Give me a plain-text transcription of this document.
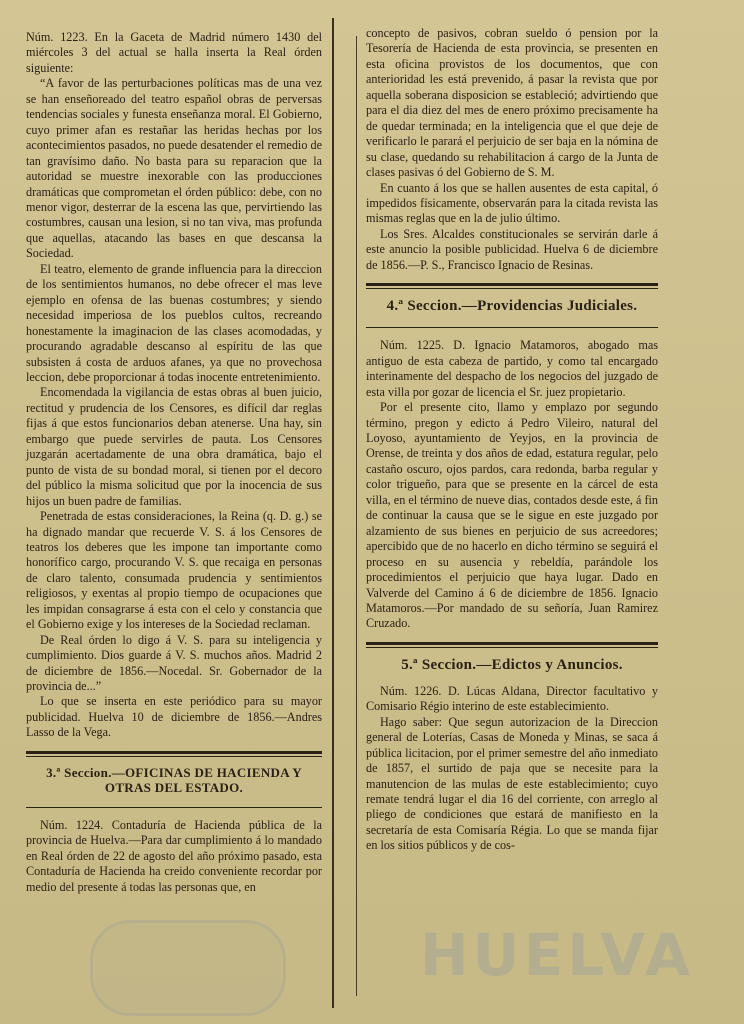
HUELVA

Núm. 1223. En la Gaceta de Madrid número 1430 del miércoles 3 del actual se halla inserta la Real órden siguiente:

“A favor de las perturbaciones políticas mas de una vez se han enseñoreado del teatro español obras de perversas tendencias sociales y funesta enseñanza moral. El Gobierno, cuyo primer afan es restañar las heridas hechas por los acontecimientos pasados, no puede desatender el remedio de tan gravísimo daño. No basta para su reparacion que la autoridad se muestre inexorable con las producciones dramáticas que comprometan el órden público: debe, con no menor vigor, desterrar de la escena las que, pervirtiendo las costumbres, causan una lesion, si no tan viva, mas profunda que aquellas, atacando las bases en que descansa la Sociedad.

El teatro, elemento de grande influencia para la direccion de los sentimientos humanos, no debe ofrecer el mas leve ejemplo en ofensa de las buenas costumbres; y siendo necesidad imperiosa de los pueblos cultos, recreando honestamente la imaginacion de las clases acomodadas, y procurando agradable descanso al espíritu de las que subsisten á costa de arduos afanes, ya que no provechosa leccion, debe proporcionar á todas inocente entretenimiento.

Encomendada la vigilancia de estas obras al buen juicio, rectitud y prudencia de los Censores, es difícil dar reglas fijas á que estos funcionarios deban atenerse. Una hay, sin embargo que puede servirles de pauta. Los Censores juzgarán acertadamente de una obra dramática, bajo el punto de vista de su bondad moral, si tienen por el decoro del público la misma solicitud que por la inocencia de sus hijos un buen padre de familias.

Penetrada de estas consideraciones, la Reina (q. D. g.) se ha dignado mandar que recuerde V. S. á los Censores de teatros los deberes que les impone tan importante como honorífico cargo, procurando V. S. que recaiga en personas de claro talento, consumada prudencia y sentimientos religiosos, y exentas al propio tiempo de ocupaciones que les impidan consagrarse á esta con el celo y constancia que el Gobierno exige y los intereses de la Sociedad reclaman.

De Real órden lo digo á V. S. para su inteligencia y cumplimiento. Dios guarde á V. S. muchos años. Madrid 2 de diciembre de 1856.—Nocedal. Sr. Gobernador de la provincia de...”

Lo que se inserta en este periódico para su mayor publicidad. Huelva 10 de diciembre de 1856.—Andres Lasso de la Vega.

3.ª Seccion.—OFICINAS DE HACIENDA Y OTRAS DEL ESTADO.

Núm. 1224. Contaduría de Hacienda pública de la provincia de Huelva.—Para dar cumplimiento á lo mandado en Real órden de 22 de agosto del año próximo pasado, esta Contaduría de Hacienda ha creido conveniente recordar por medio del presente á todas las personas que, en

concepto de pasivos, cobran sueldo ó pension por la Tesorería de Hacienda de esta provincia, se presenten en esta oficina provistos de los documentos, que con anterioridad les está prevenido, á pasar la revista que por aquella soberana disposicion se estableció; advirtiendo que para el dia diez del mes de enero próximo precisamente ha de quedar terminada; en la inteligencia que el que deje de verificarlo le parará el perjuicio de ser baja en la nómina de su clase, quedando su rehabilitacion á cargo de la Junta de clases pasivas ó del Gobierno de S. M.

En cuanto á los que se hallen ausentes de esta capital, ó impedidos físicamente, observarán para la citada revista las mismas reglas que en la de julio último.

Los Sres. Alcaldes constitucionales se servirán darle á este anuncio la posible publicidad. Huelva 6 de diciembre de 1856.—P. S., Francisco Ignacio de Resinas.

4.ª Seccion.—Providencias Judiciales.

Núm. 1225. D. Ignacio Matamoros, abogado mas antiguo de esta cabeza de partido, y como tal encargado interinamente del despacho de los negocios del juzgado de esta villa por gozar de licencia el Sr. juez propietario.

Por el presente cito, llamo y emplazo por segundo término, pregon y edicto á Pedro Vileiro, natural del Loyoso, ayuntamiento de Yeyjos, en la provincia de Orense, de treinta y dos años de edad, estatura regular, pelo castaño oscuro, ojos pardos, cara redonda, barba regular y color trigueño, para que se presente en la cárcel de esta villa, en el término de nueve dias, contados desde este, á fin de continuar la causa que se le sigue en este juzgado por alzamiento de sus bienes en perjuicio de sus acreedores; apercibido que de no hacerlo en dicho término se seguirá el proceso en su ausencia y rebeldía, parándole los procedimientos el perjuicio que haya lugar. Dado en Valverde del Camino á 6 de diciembre de 1856. Ignacio Matamoros.—Por mandado de su señoría, Juan Ramirez Cruzado.

5.ª Seccion.—Edictos y Anuncios.

Núm. 1226. D. Lúcas Aldana, Director facultativo y Comisario Régio interino de este establecimiento.

Hago saber: Que segun autorizacion de la Direccion general de Loterías, Casas de Moneda y Minas, se saca á pública licitacion, por el primer semestre del año inmediato de 1857, el surtido de paja que se necesite para la manutencion de las mulas de este establecimiento; cuyo remate tendrá lugar el dia 16 del corriente, con arreglo al pliego de condiciones que estará de manifiesto en la secretaría de esta Comisaría Régia. Lo que se manda fijar en los sitios públicos y de cos-
